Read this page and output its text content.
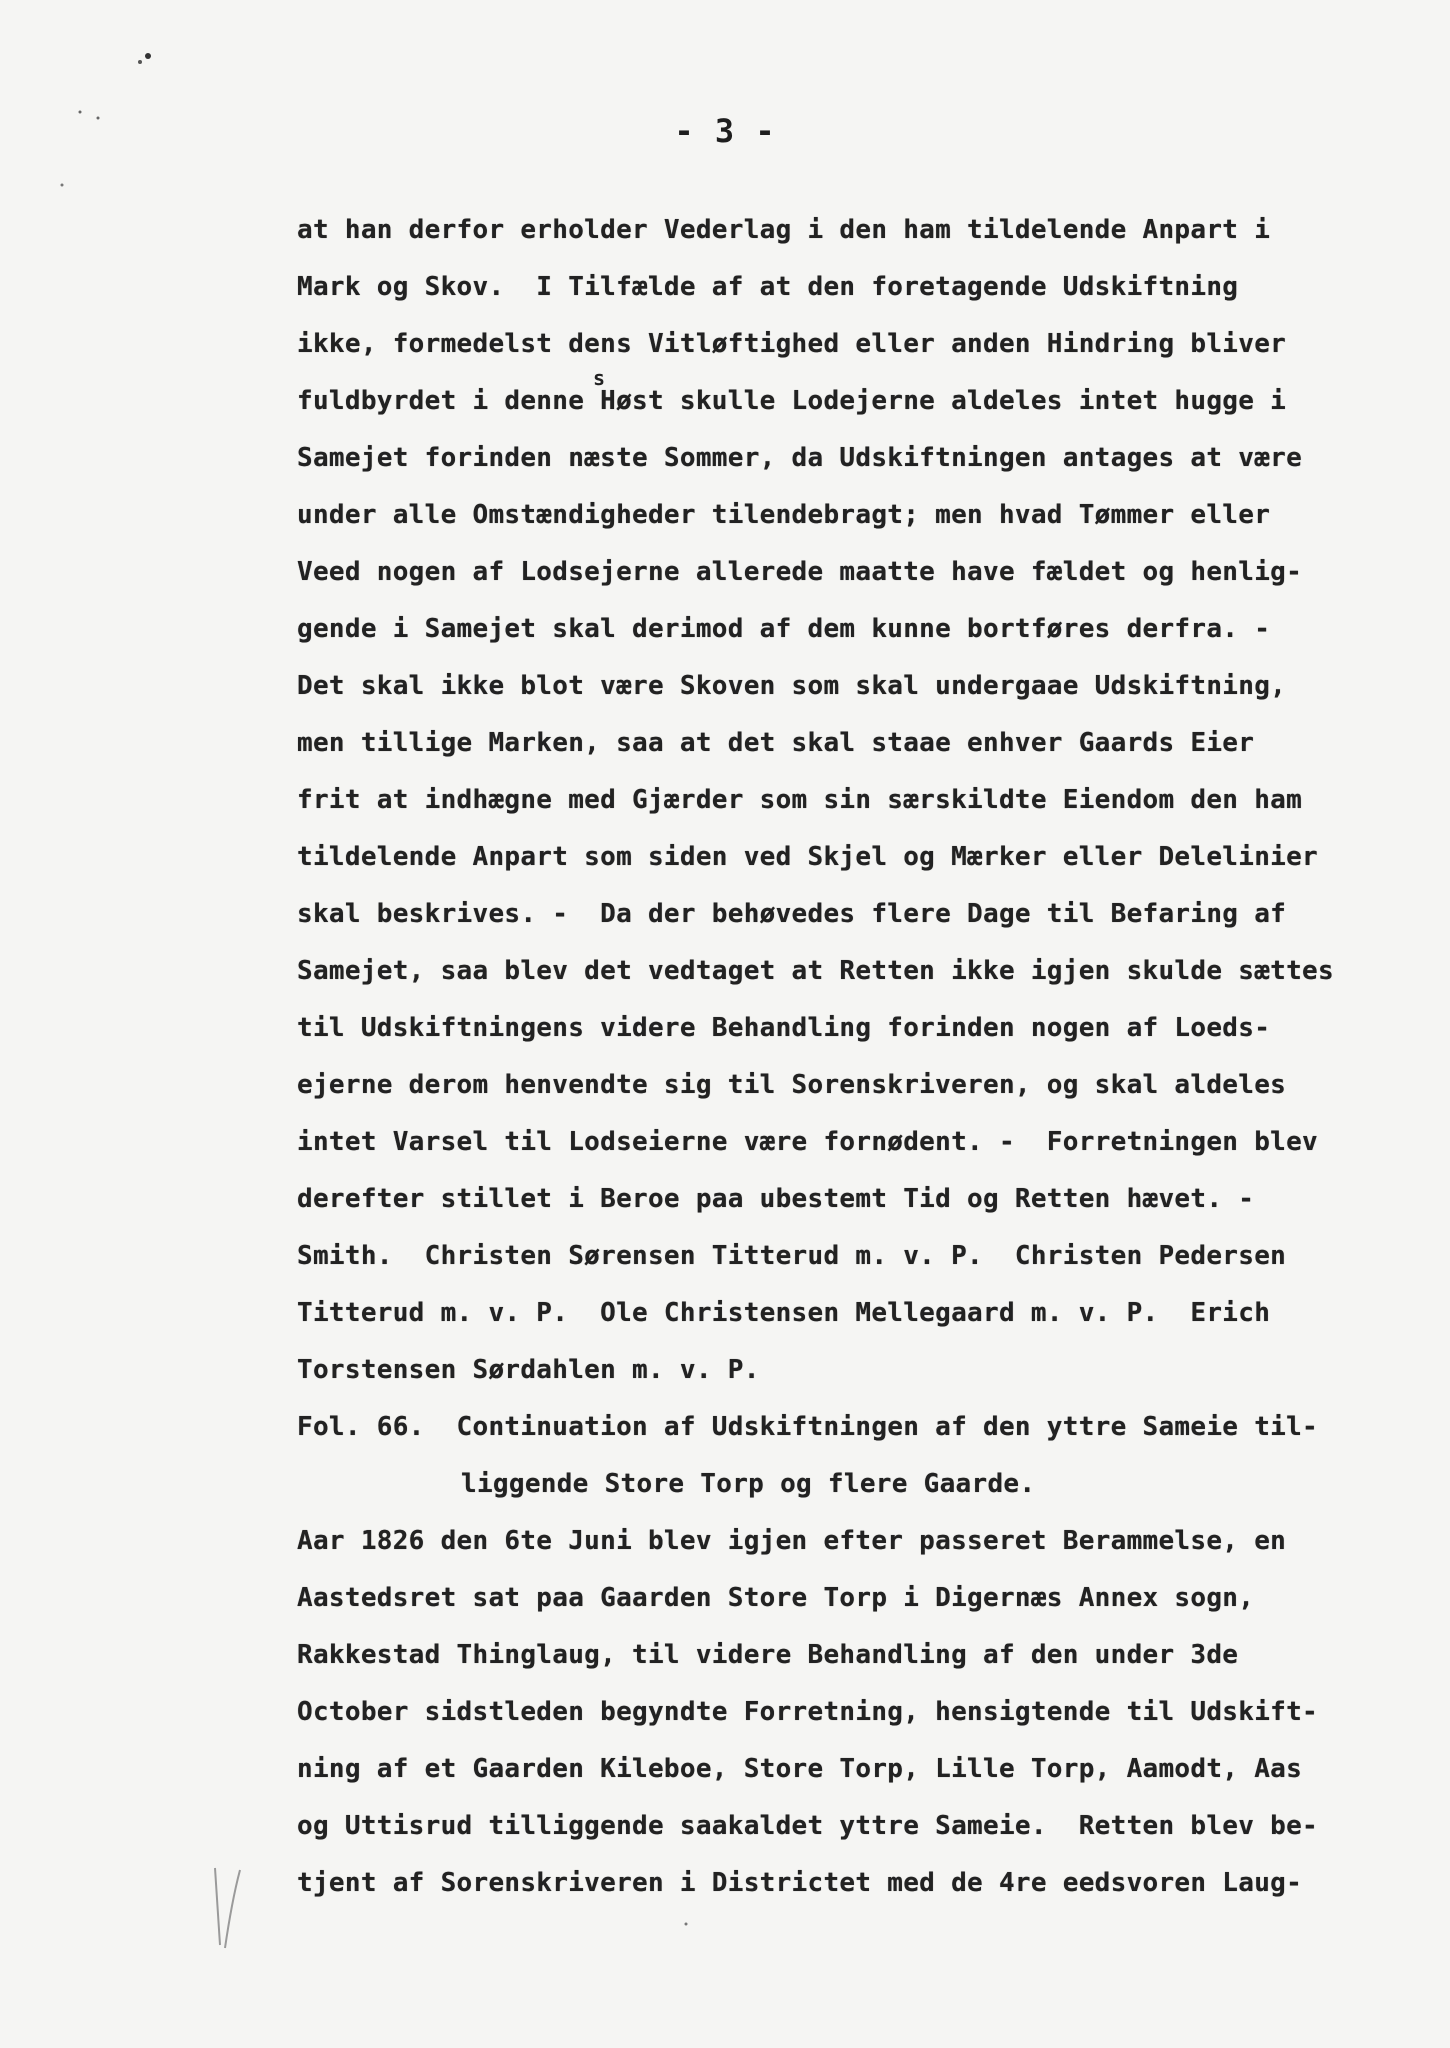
- 3 -
s
at han derfor erholder Vederlag i den ham tildelende Anpart i
Mark og Skov.  I Tilfælde af at den foretagende Udskiftning
ikke, formedelst dens Vitløftighed eller anden Hindring bliver
fuldbyrdet i denne Høst skulle Lodejerne aldeles intet hugge i
Samejet forinden næste Sommer, da Udskiftningen antages at være
under alle Omstændigheder tilendebragt; men hvad Tømmer eller
Veed nogen af Lodsejerne allerede maatte have fældet og henlig-
gende i Samejet skal derimod af dem kunne bortføres derfra. -
Det skal ikke blot være Skoven som skal undergaae Udskiftning,
men tillige Marken, saa at det skal staae enhver Gaards Eier
frit at indhægne med Gjærder som sin særskildte Eiendom den ham
tildelende Anpart som siden ved Skjel og Mærker eller Delelinier
skal beskrives. -  Da der behøvedes flere Dage til Befaring af
Samejet, saa blev det vedtaget at Retten ikke igjen skulde sættes
til Udskiftningens videre Behandling forinden nogen af Loeds-
ejerne derom henvendte sig til Sorenskriveren, og skal aldeles
intet Varsel til Lodseierne være fornødent. -  Forretningen blev
derefter stillet i Beroe paa ubestemt Tid og Retten hævet. -
Smith.  Christen Sørensen Titterud m. v. P.  Christen Pedersen
Titterud m. v. P.  Ole Christensen Mellegaard m. v. P.  Erich
Torstensen Sørdahlen m. v. P.
Fol. 66.  Continuation af Udskiftningen af den yttre Sameie til-
liggende Store Torp og flere Gaarde.
Aar 1826 den 6te Juni blev igjen efter passeret Berammelse, en
Aastedsret sat paa Gaarden Store Torp i Digernæs Annex sogn,
Rakkestad Thinglaug, til videre Behandling af den under 3de
October sidstleden begyndte Forretning, hensigtende til Udskift-
ning af et Gaarden Kileboe, Store Torp, Lille Torp, Aamodt, Aas
og Uttisrud tilliggende saakaldet yttre Sameie.  Retten blev be-
tjent af Sorenskriveren i Districtet med de 4re eedsvoren Laug-
